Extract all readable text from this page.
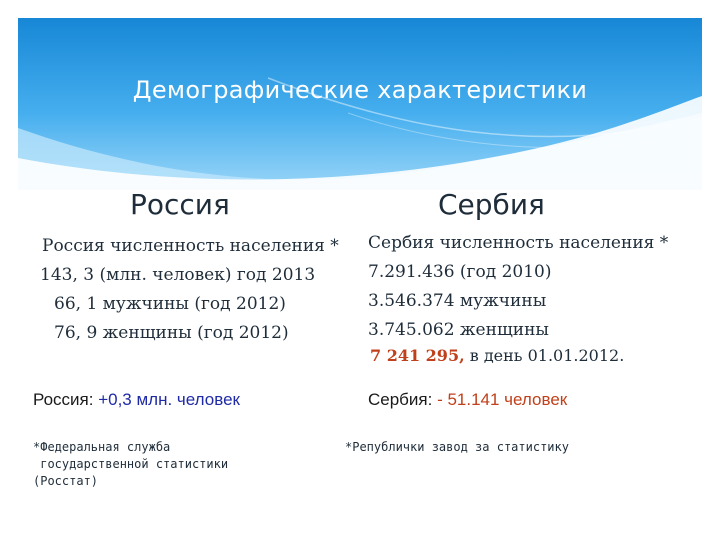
Демографические характеристики
Россия	Сербия
Россия численность населения *
143, 3 (млн. человек) год 2013
66, 1 мужчины (год 2012)
76, 9 женщины (год 2012)
Сербия численность населения *
7.291.436 (год 2010)
3.546.374 мужчины
3.745.062 женщины
7 241 295, в день 01.01.2012.
Россия: +0,3 млн. человек	Сербия: - 51.141 человек
*Федеральная служба
государственной статистики
(Росстат)
*Републички завод за статистику
